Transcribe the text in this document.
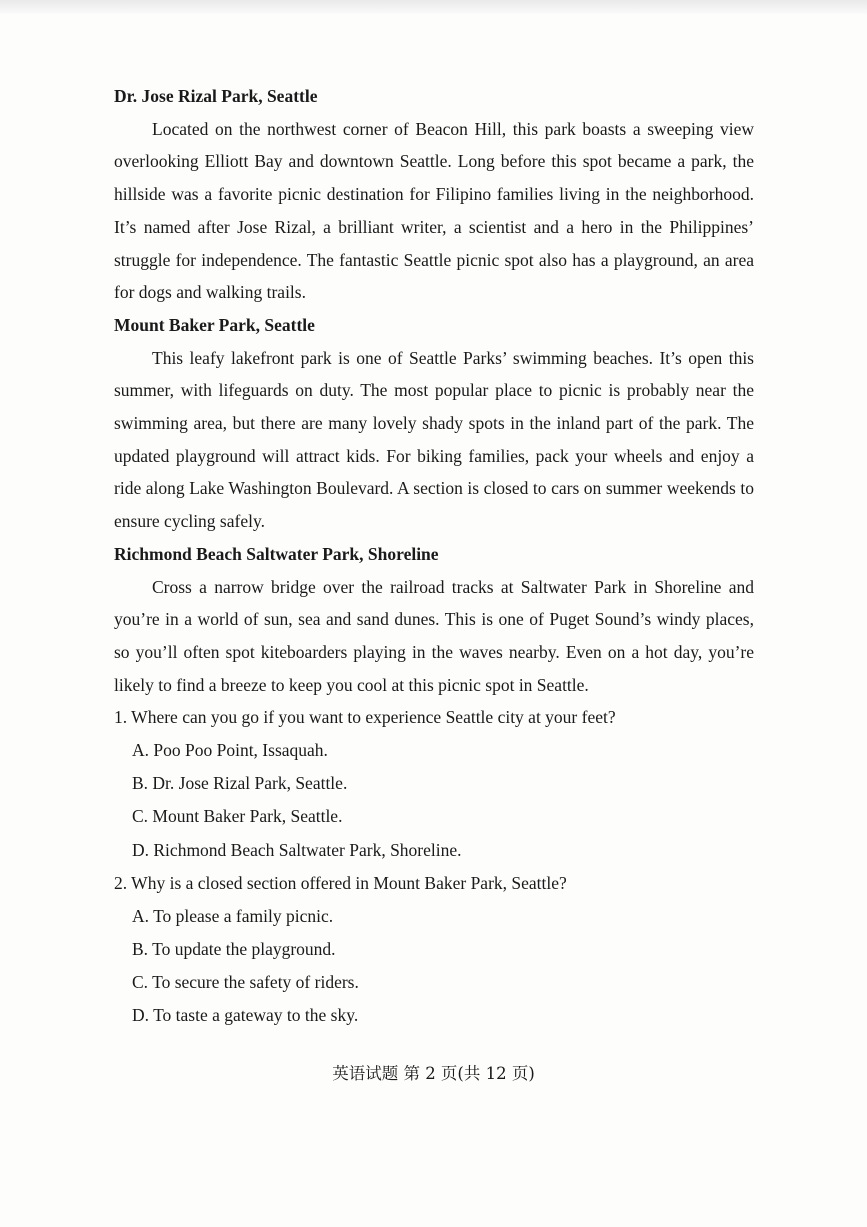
Dr. Jose Rizal Park, Seattle

Located on the northwest corner of Beacon Hill, this park boasts a sweeping view overlooking Elliott Bay and downtown Seattle. Long before this spot became a park, the hillside was a favorite picnic destination for Filipino families living in the neighborhood. It’s named after Jose Rizal, a brilliant writer, a scientist and a hero in the Philippines’ struggle for independence. The fantastic Seattle picnic spot also has a playground, an area for dogs and walking trails.

Mount Baker Park, Seattle

This leafy lakefront park is one of Seattle Parks’ swimming beaches. It’s open this summer, with lifeguards on duty. The most popular place to picnic is probably near the swimming area, but there are many lovely shady spots in the inland part of the park. The updated playground will attract kids. For biking families, pack your wheels and enjoy a ride along Lake Washington Boulevard. A section is closed to cars on summer weekends to ensure cycling safely.

Richmond Beach Saltwater Park, Shoreline

Cross a narrow bridge over the railroad tracks at Saltwater Park in Shoreline and you’re in a world of sun, sea and sand dunes. This is one of Puget Sound’s windy places, so you’ll often spot kiteboarders playing in the waves nearby. Even on a hot day, you’re likely to find a breeze to keep you cool at this picnic spot in Seattle.

1. Where can you go if you want to experience Seattle city at your feet?

A. Poo Poo Point, Issaquah.

B. Dr. Jose Rizal Park, Seattle.

C. Mount Baker Park, Seattle.

D. Richmond Beach Saltwater Park, Shoreline.

2. Why is a closed section offered in Mount Baker Park, Seattle?

A. To please a family picnic.

B. To update the playground.

C. To secure the safety of riders.

D. To taste a gateway to the sky.

英语试题 第 2 页(共 12 页)
